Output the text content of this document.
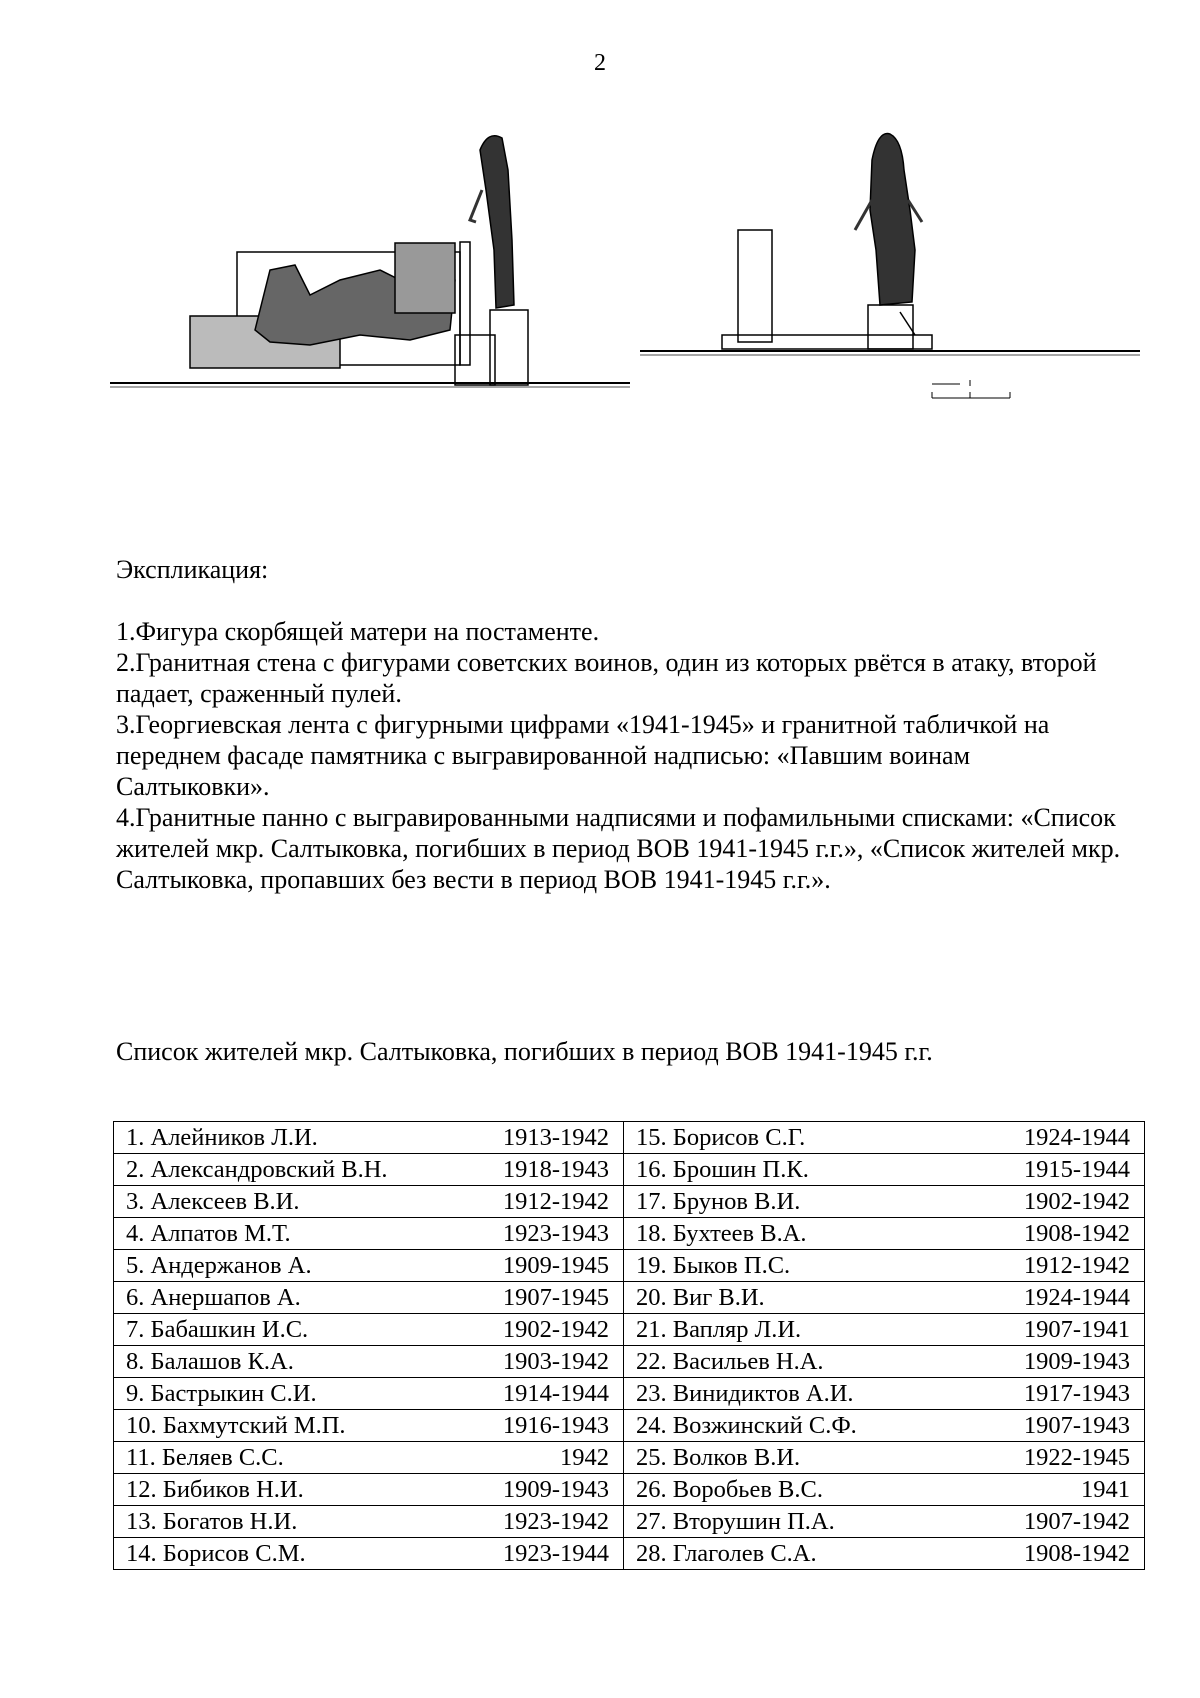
2
Экспликация:

1.Фигура скорбящей матери на постаменте.

2.Гранитная стена с фигурами советских воинов, один из которых рвётся в атаку, второй падает, сраженный пулей.

3.Георгиевская лента с фигурными цифрами «1941-1945» и гранитной табличкой на переднем фасаде памятника с выгравированной надписью: «Павшим воинам Салтыковки».

4.Гранитные панно с выгравированными надписями и пофамильными списками: «Список жителей мкр. Салтыковка, погибших в период ВОВ 1941-1945 г.г.», «Список жителей мкр. Салтыковка, пропавших без вести в период ВОВ 1941-1945 г.г.».

Список жителей мкр. Салтыковка, погибших в период ВОВ 1941-1945 г.г.
1. Алейников Л.И.	1913-1942	15. Борисов С.Г.	1924-1944
2. Александровский В.Н.	1918-1943	16. Брошин П.К.	1915-1944
3. Алексеев В.И.	1912-1942	17. Брунов В.И.	1902-1942
4. Алпатов М.Т.	1923-1943	18. Бухтеев В.А.	1908-1942
5. Андержанов А.	1909-1945	19. Быков П.С.	1912-1942
6. Анершапов А.	1907-1945	20. Виг В.И.	1924-1944
7. Бабашкин И.С.	1902-1942	21. Вапляр Л.И.	1907-1941
8. Балашов К.А.	1903-1942	22. Васильев Н.А.	1909-1943
9. Бастрыкин С.И.	1914-1944	23. Винидиктов А.И.	1917-1943
10. Бахмутский М.П.	1916-1943	24. Возжинский С.Ф.	1907-1943
11. Беляев С.С.	1942	25. Волков В.И.	1922-1945
12. Бибиков Н.И.	1909-1943	26. Воробьев В.С.	1941
13. Богатов Н.И.	1923-1942	27. Вторушин П.А.	1907-1942
14. Борисов С.М.	1923-1944	28. Глаголев С.А.	1908-1942
